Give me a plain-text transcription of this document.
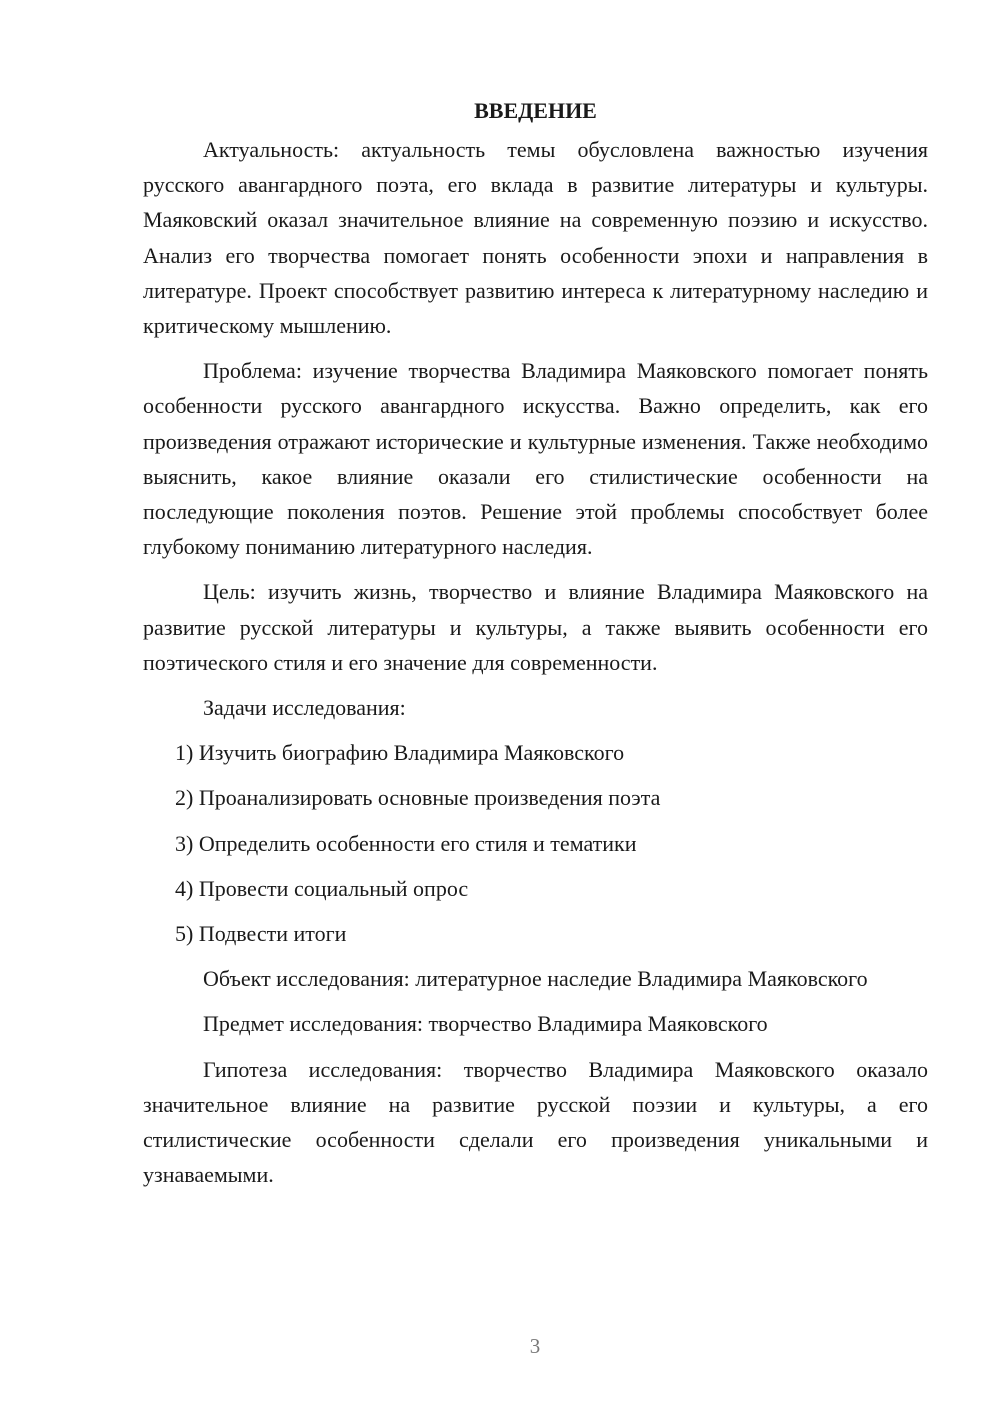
ВВЕДЕНИЕ

Актуальность: актуальность темы обусловлена важностью изучения русского авангардного поэта, его вклада в развитие литературы и культуры. Маяковский оказал значительное влияние на современную поэзию и искусство. Анализ его творчества помогает понять особенности эпохи и направления в литературе. Проект способствует развитию интереса к литературному наследию и критическому мышлению.

Проблема: изучение творчества Владимира Маяковского помогает понять особенности русского авангардного искусства. Важно определить, как его произведения отражают исторические и культурные изменения. Также необходимо выяснить, какое влияние оказали его стилистические особенности на последующие поколения поэтов. Решение этой проблемы способствует более глубокому пониманию литературного наследия.

Цель: изучить жизнь, творчество и влияние Владимира Маяковского на развитие русской литературы и культуры, а также выявить особенности его поэтического стиля и его значение для современности.

Задачи исследования:

1) Изучить биографию Владимира Маяковского
2) Проанализировать основные произведения поэта
3) Определить особенности его стиля и тематики
4) Провести социальный опрос
5) Подвести итоги

Объект исследования: литературное наследие Владимира Маяковского

Предмет исследования: творчество Владимира Маяковского

Гипотеза исследования: творчество Владимира Маяковского оказало значительное влияние на развитие русской поэзии и культуры, а его стилистические особенности сделали его произведения уникальными и узнаваемыми.

3
